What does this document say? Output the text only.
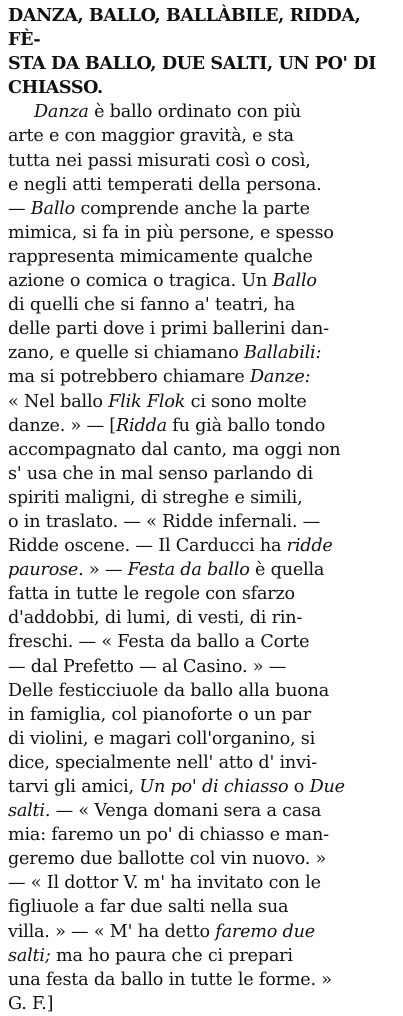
DANZA, BALLO, BALLÀBILE, RIDDA, FÈ-
STA DA BALLO, DUE SALTI, UN PO' DI
CHIASSO.
Danza è ballo ordinato con più
arte e con maggior gravità, e sta
tutta nei passi misurati così o così,
e negli atti temperati della persona.
— Ballo comprende anche la parte
mimica, si fa in più persone, e spesso
rappresenta mimicamente qualche
azione o comica o tragica. Un Ballo
di quelli che si fanno a' teatri, ha
delle parti dove i primi ballerini dan-
zano, e quelle si chiamano Ballabili:
ma si potrebbero chiamare Danze:
« Nel ballo Flik Flok ci sono molte
danze. » — [Ridda fu già ballo tondo
accompagnato dal canto, ma oggi non
s' usa che in mal senso parlando di
spiriti maligni, di streghe e simili,
o in traslato. — « Ridde infernali. —
Ridde oscene. — Il Carducci ha ridde
paurose. » — Festa da ballo è quella
fatta in tutte le regole con sfarzo
d'addobbi, di lumi, di vesti, di rin-
freschi. — « Festa da ballo a Corte
— dal Prefetto — al Casino. » —
Delle festicciuole da ballo alla buona
in famiglia, col pianoforte o un par
di violini, e magari coll'organino, si
dice, specialmente nell' atto d' invi-
tarvi gli amici, Un po' di chiasso o Due
salti. — « Venga domani sera a casa
mia: faremo un po' di chiasso e man-
geremo due ballotte col vin nuovo. »
— « Il dottor V. m' ha invitato con le
figliuole a far due salti nella sua
villa. » — « M' ha detto faremo due
salti; ma ho paura che ci prepari
una festa da ballo in tutte le forme. »
G. F.]
